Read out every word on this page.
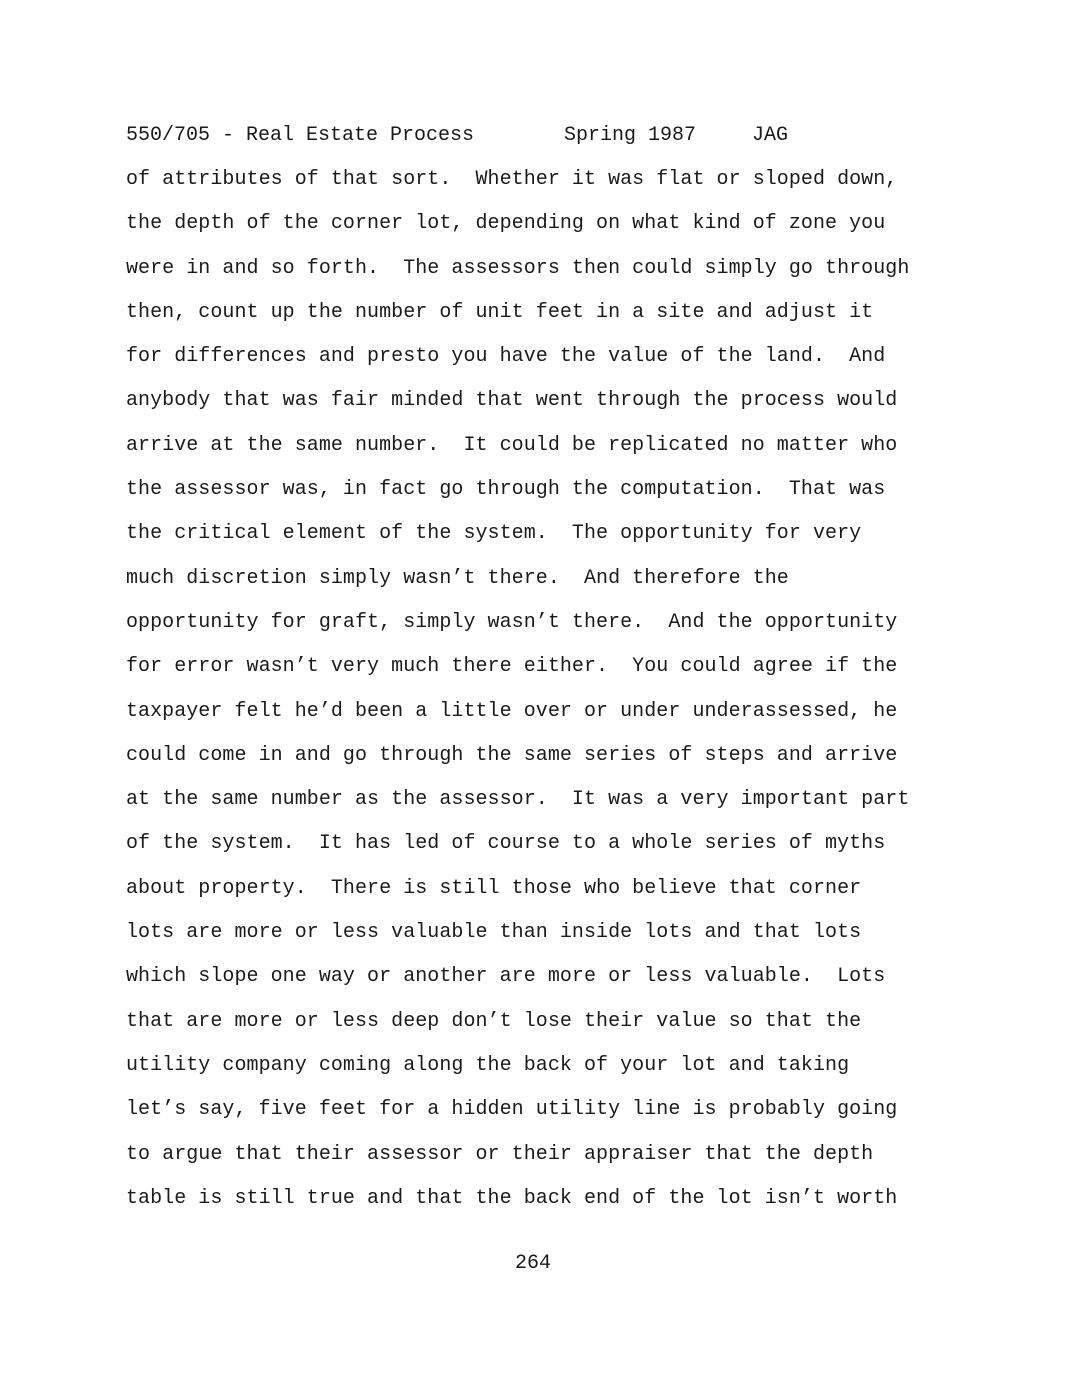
550/705 - Real Estate Process	Spring 1987	JAG
of attributes of that sort.  Whether it was flat or sloped down,
the depth of the corner lot, depending on what kind of zone you
were in and so forth.  The assessors then could simply go through
then, count up the number of unit feet in a site and adjust it
for differences and presto you have the value of the land.  And
anybody that was fair minded that went through the process would
arrive at the same number.  It could be replicated no matter who
the assessor was, in fact go through the computation.  That was
the critical element of the system.  The opportunity for very
much discretion simply wasn’t there.  And therefore the
opportunity for graft, simply wasn’t there.  And the opportunity
for error wasn’t very much there either.  You could agree if the
taxpayer felt he’d been a little over or under underassessed, he
could come in and go through the same series of steps and arrive
at the same number as the assessor.  It was a very important part
of the system.  It has led of course to a whole series of myths
about property.  There is still those who believe that corner
lots are more or less valuable than inside lots and that lots
which slope one way or another are more or less valuable.  Lots
that are more or less deep don’t lose their value so that the
utility company coming along the back of your lot and taking
let’s say, five feet for a hidden utility line is probably going
to argue that their assessor or their appraiser that the depth
table is still true and that the back end of the lot isn’t worth
264
